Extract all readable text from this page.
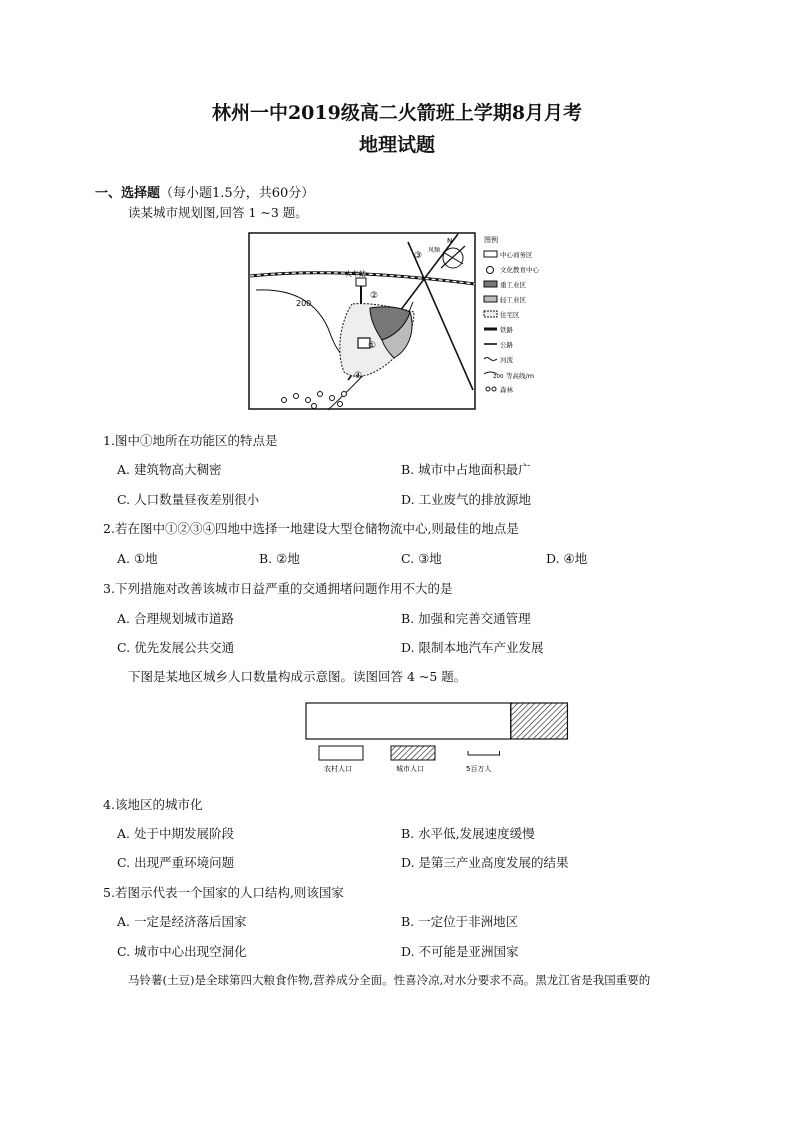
林州一中2019级高二火箭班上学期8月月考
地理试题
一、选择题（每小题1.5分，共60分）
读某城市规划图,回答 1 ~3 题。
200
火车站
③
②
①
④
N
风频
图例
中心商务区
文化教育中心
重工业区
轻工业区
住宅区
铁路
公路
河流
200 等高线/m
森林
1.图中①地所在功能区的特点是
A. 建筑物高大稠密	B. 城市中占地面积最广
C. 人口数量昼夜差别很小	D. 工业废气的排放源地
2.若在图中①②③④四地中选择一地建设大型仓储物流中心,则最佳的地点是
A. ①地	B. ②地	C. ③地	D. ④地
3.下列措施对改善该城市日益严重的交通拥堵问题作用不大的是
A. 合理规划城市道路	B. 加强和完善交通管理
C. 优先发展公共交通	D. 限制本地汽车产业发展
下图是某地区城乡人口数量构成示意图。读图回答 4 ~5 题。
农村人口	城市人口	5百万人
4.该地区的城市化
A. 处于中期发展阶段	B. 水平低,发展速度缓慢
C. 出现严重环境问题	D. 是第三产业高度发展的结果
5.若图示代表一个国家的人口结构,则该国家
A. 一定是经济落后国家	B. 一定位于非洲地区
C. 城市中心出现空洞化	D. 不可能是亚洲国家
马铃薯(土豆)是全球第四大粮食作物,营养成分全面。性喜冷凉,对水分要求不高。黑龙江省是我国重要的
